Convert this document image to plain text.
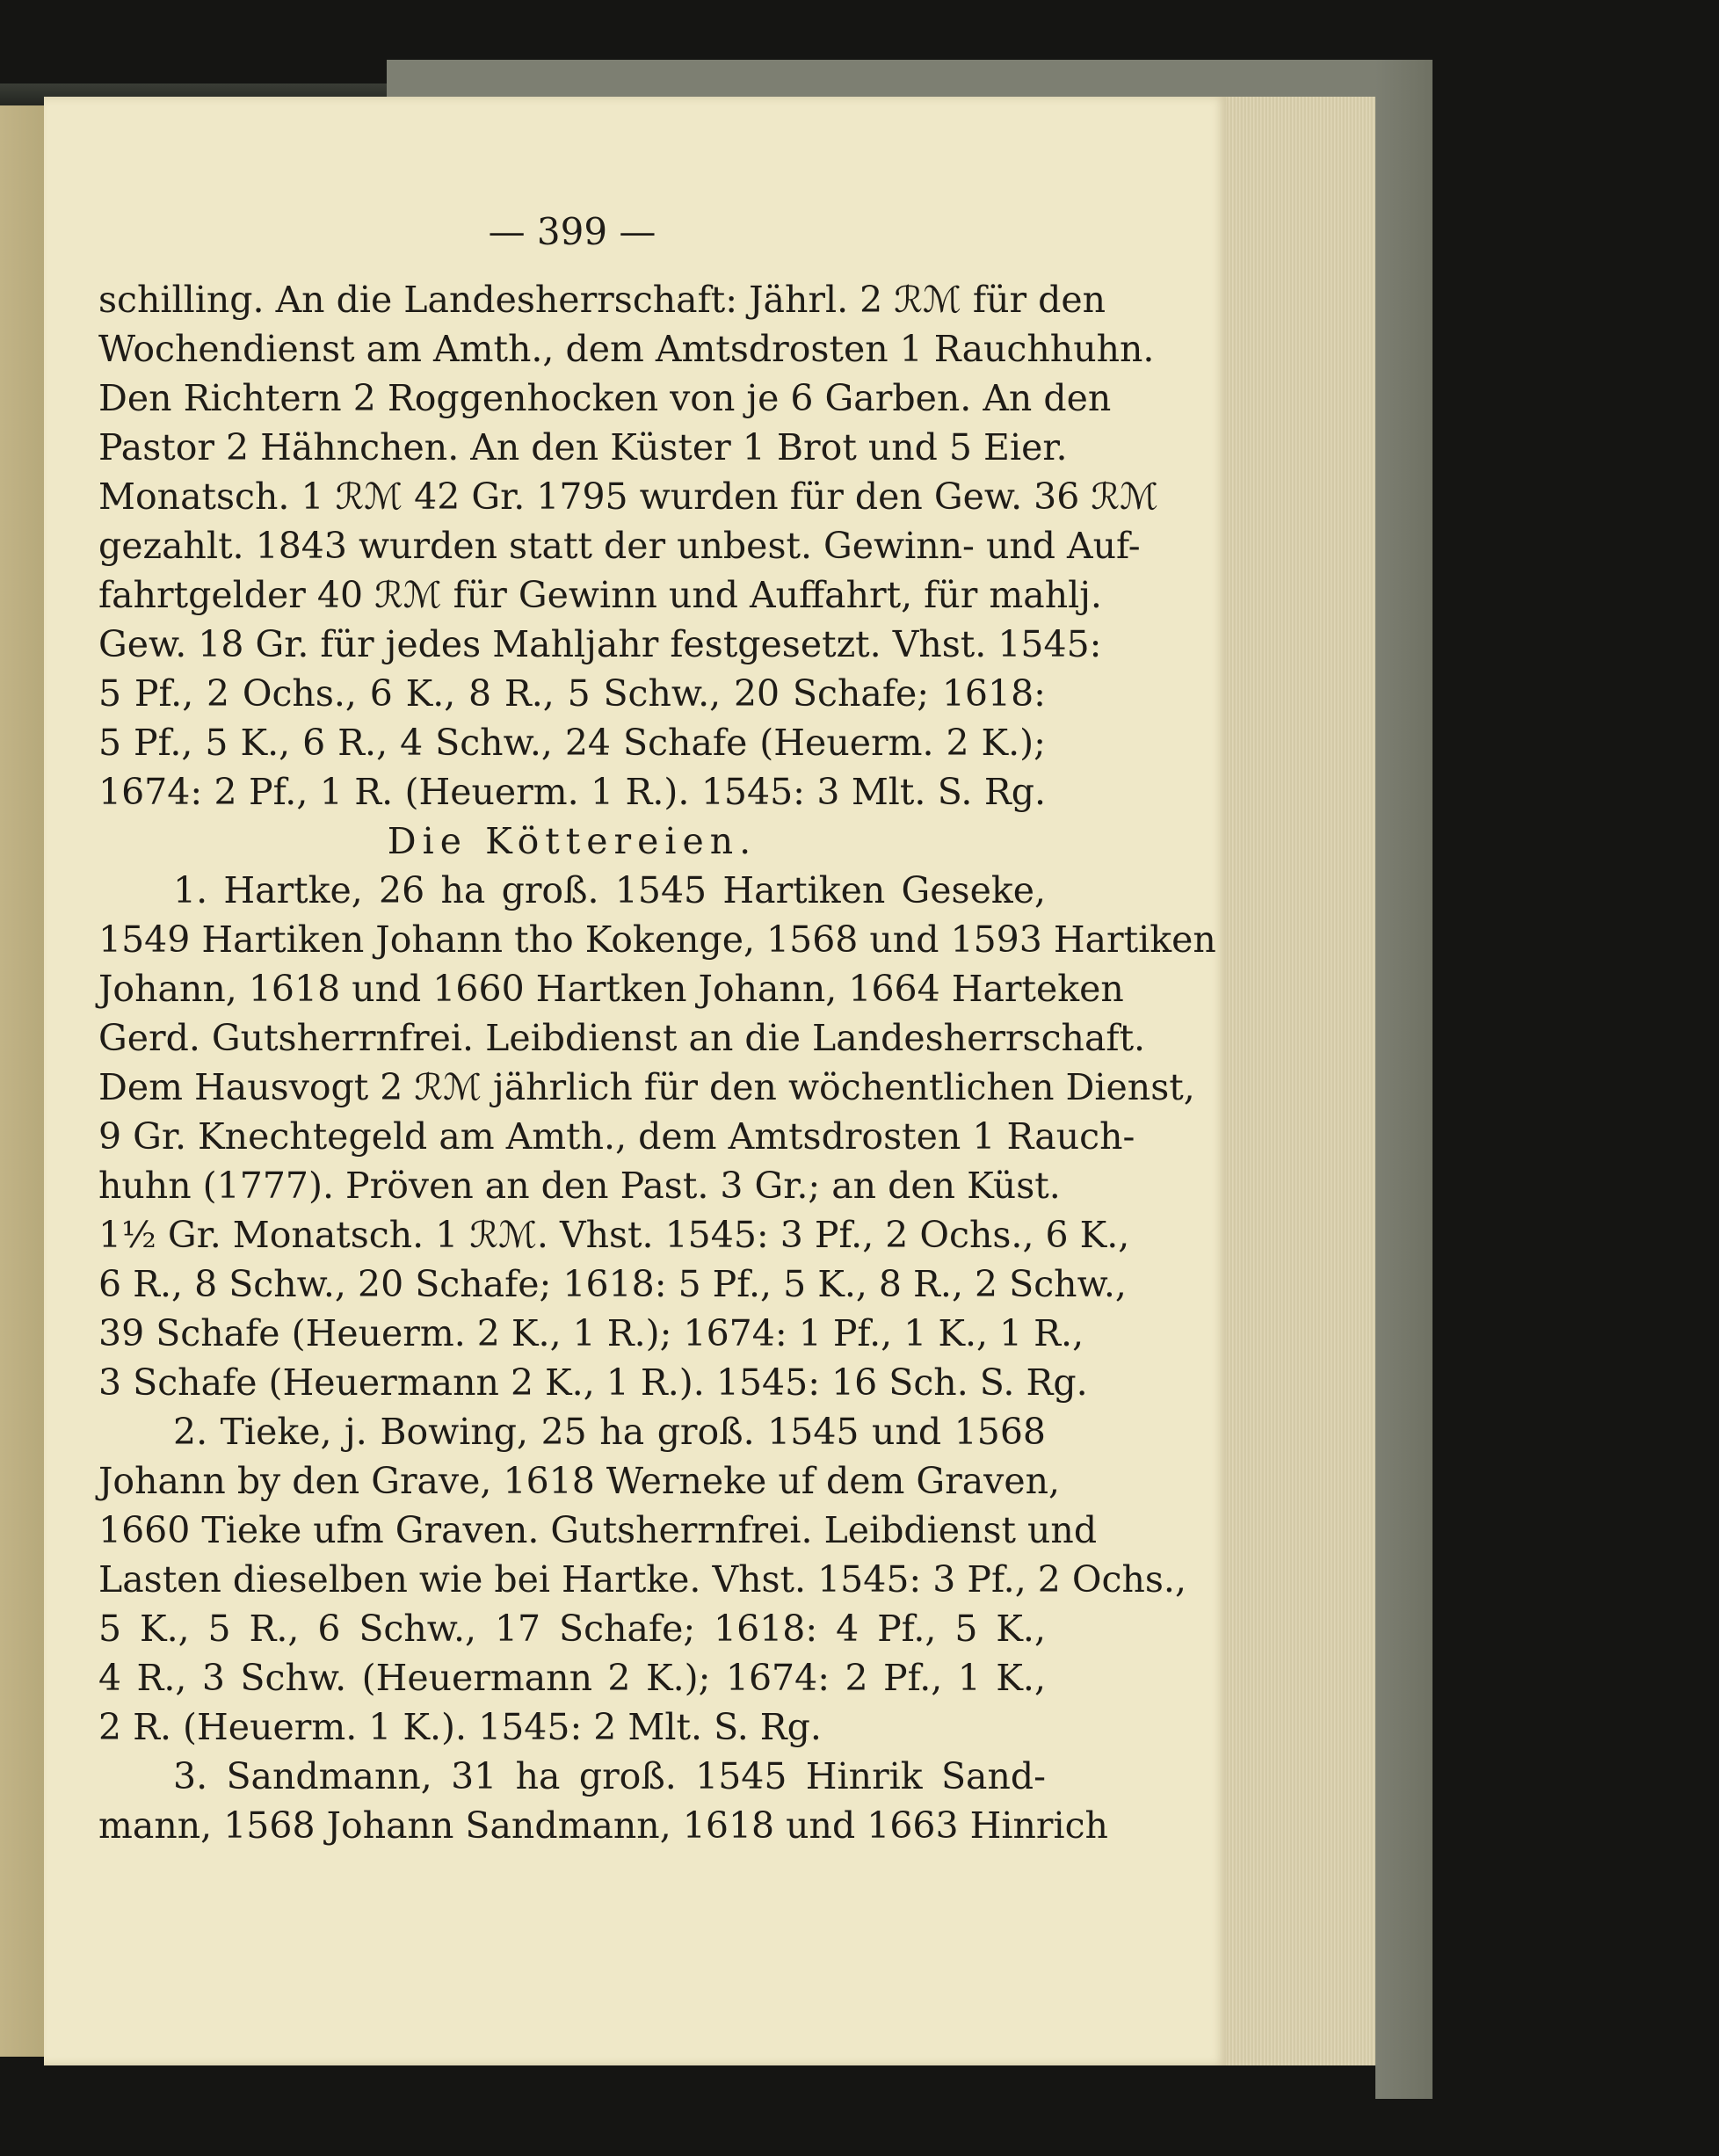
— 399 —
schilling. An die Landesherrschaft: Jährl. 2 ℛℳ für den
Wochendienst am Amth., dem Amtsdrosten 1 Rauchhuhn.
Den Richtern 2 Roggenhocken von je 6 Garben. An den
Pastor 2 Hähnchen. An den Küster 1 Brot und 5 Eier.
Monatsch. 1 ℛℳ 42 Gr. 1795 wurden für den Gew. 36 ℛℳ
gezahlt. 1843 wurden statt der unbest. Gewinn- und Auf-
fahrtgelder 40 ℛℳ für Gewinn und Auffahrt, für mahlj.
Gew. 18 Gr. für jedes Mahljahr festgesetzt. Vhst. 1545:
5 Pf., 2 Ochs., 6 K., 8 R., 5 Schw., 20 Schafe; 1618:
5 Pf., 5 K., 6 R., 4 Schw., 24 Schafe (Heuerm. 2 K.);
1674: 2 Pf., 1 R. (Heuerm. 1 R.). 1545: 3 Mlt. S. Rg.
Die Köttereien.
1. Hartke, 26 ha groß. 1545 Hartiken Geseke,
1549 Hartiken Johann tho Kokenge, 1568 und 1593 Hartiken
Johann, 1618 und 1660 Hartken Johann, 1664 Harteken
Gerd. Gutsherrnfrei. Leibdienst an die Landesherrschaft.
Dem Hausvogt 2 ℛℳ jährlich für den wöchentlichen Dienst,
9 Gr. Knechtegeld am Amth., dem Amtsdrosten 1 Rauch-
huhn (1777). Pröven an den Past. 3 Gr.; an den Küst.
1½ Gr. Monatsch. 1 ℛℳ. Vhst. 1545: 3 Pf., 2 Ochs., 6 K.,
6 R., 8 Schw., 20 Schafe; 1618: 5 Pf., 5 K., 8 R., 2 Schw.,
39 Schafe (Heuerm. 2 K., 1 R.); 1674: 1 Pf., 1 K., 1 R.,
3 Schafe (Heuermann 2 K., 1 R.). 1545: 16 Sch. S. Rg.
2. Tieke, j. Bowing, 25 ha groß. 1545 und 1568
Johann by den Grave, 1618 Werneke uf dem Graven,
1660 Tieke ufm Graven. Gutsherrnfrei. Leibdienst und
Lasten dieselben wie bei Hartke. Vhst. 1545: 3 Pf., 2 Ochs.,
5 K., 5 R., 6 Schw., 17 Schafe; 1618: 4 Pf., 5 K.,
4 R., 3 Schw. (Heuermann 2 K.); 1674: 2 Pf., 1 K.,
2 R. (Heuerm. 1 K.). 1545: 2 Mlt. S. Rg.
3. Sandmann, 31 ha groß. 1545 Hinrik Sand-
mann, 1568 Johann Sandmann, 1618 und 1663 Hinrich
